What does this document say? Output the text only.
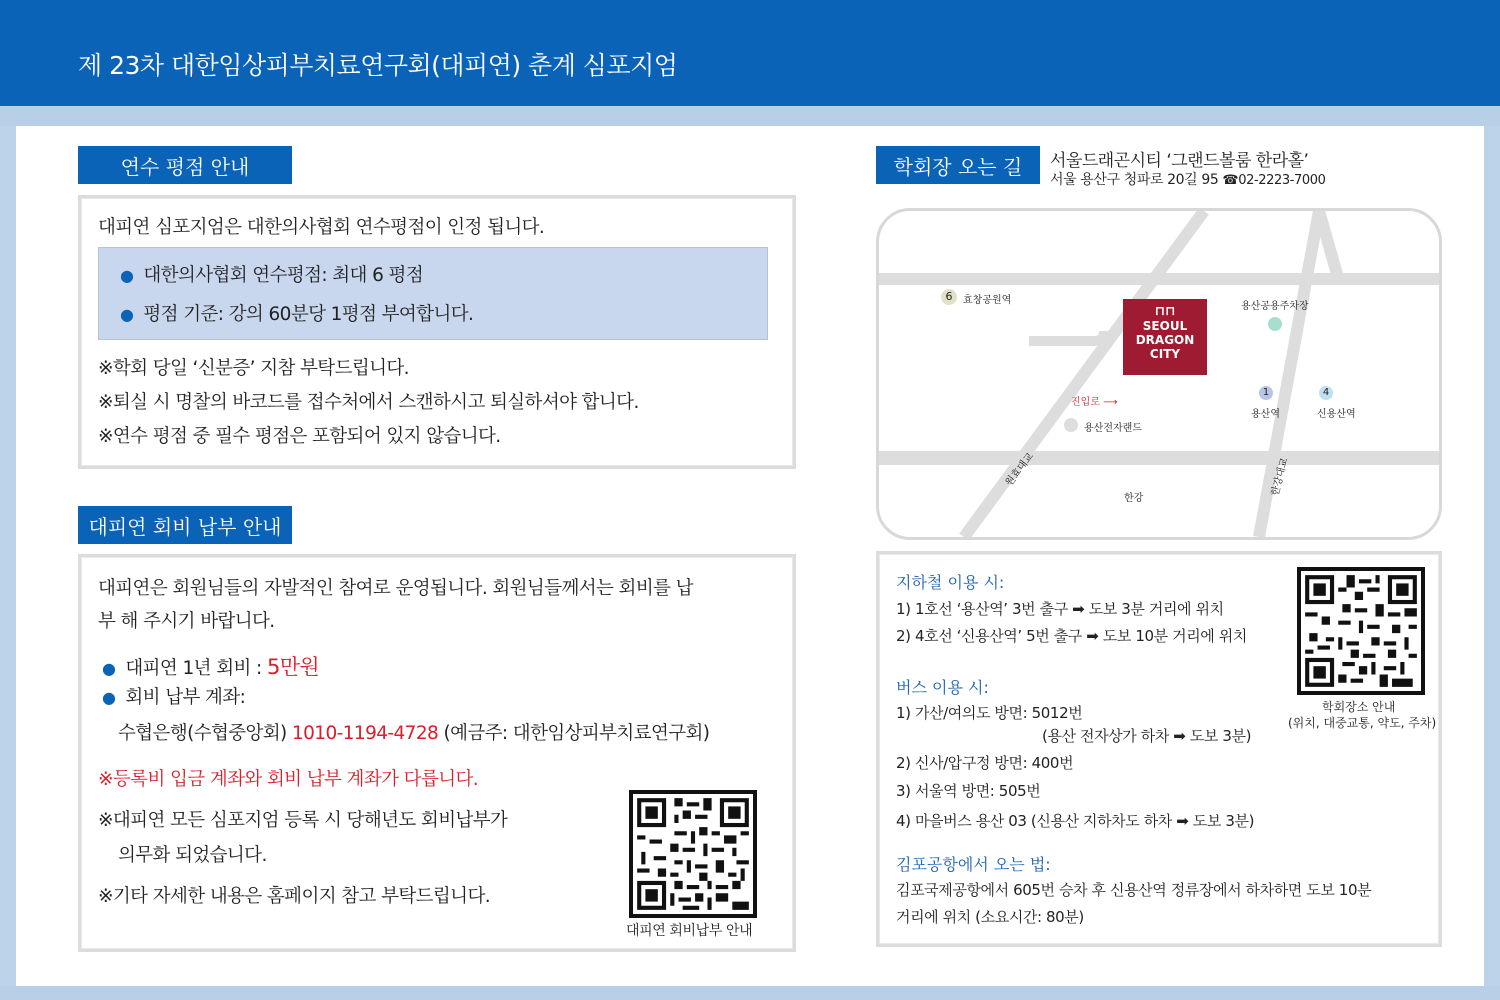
제 23차 대한임상피부치료연구회(대피연) 춘계 심포지엄
연수 평점 안내
대피연 심포지엄은 대한의사협회 연수평점이 인정 됩니다.
● 대한의사협회 연수평점: 최대 6 평점
● 평점 기준: 강의 60분당 1평점 부여합니다.
※학회 당일 ‘신분증’ 지참 부탁드립니다.
※퇴실 시 명찰의 바코드를 접수처에서 스캔하시고 퇴실하셔야 합니다.
※연수 평점 중 필수 평점은 포함되어 있지 않습니다.
대피연 회비 납부 안내
대피연은 회원님들의 자발적인 참여로 운영됩니다. 회원님들께서는 회비를 납
부 해 주시기 바랍니다.
● 대피연 1년 회비 : 5만원
● 회비 납부 계좌:
수협은행(수협중앙회) 1010-1194-4728 (예금주: 대한임상피부치료연구회)
※등록비 입금 계좌와 회비 납부 계좌가 다릅니다.
※대피연 모든 심포지엄 등록 시 당해년도 회비납부가
의무화 되었습니다.
※기타 자세한 내용은 홈페이지 참고 부탁드립니다.
대피연 회비납부 안내
학회장 오는 길	서울드래곤시티 ‘그랜드볼룸 한라홀’
서울 용산구 청파로 20길 95 ☎02-2223-7000
6	효창공원역
⊓⊓
SEOUL
DRAGON
CITY
용산공용주차장
진입로 ⟶
1
용산역
4
신용산역
용산전자랜드
원효대교	한강대교
한강
지하철 이용 시:
1) 1호선 ‘용산역’ 3번 출구 ➡ 도보 3분 거리에 위치
2) 4호선 ‘신용산역’ 5번 출구 ➡ 도보 10분 거리에 위치
버스 이용 시:
1) 가산/여의도 방면: 5012번
(용산 전자상가 하차 ➡ 도보 3분)
2) 신사/압구정 방면: 400번
3) 서울역 방면: 505번
4) 마을버스 용산 03 (신용산 지하차도 하차 ➡ 도보 3분)
김포공항에서 오는 법:
김포국제공항에서 605번 승차 후 신용산역 정류장에서 하차하면 도보 10분
거리에 위치 (소요시간: 80분)
학회장소 안내
(위치, 대중교통, 약도, 주차)
